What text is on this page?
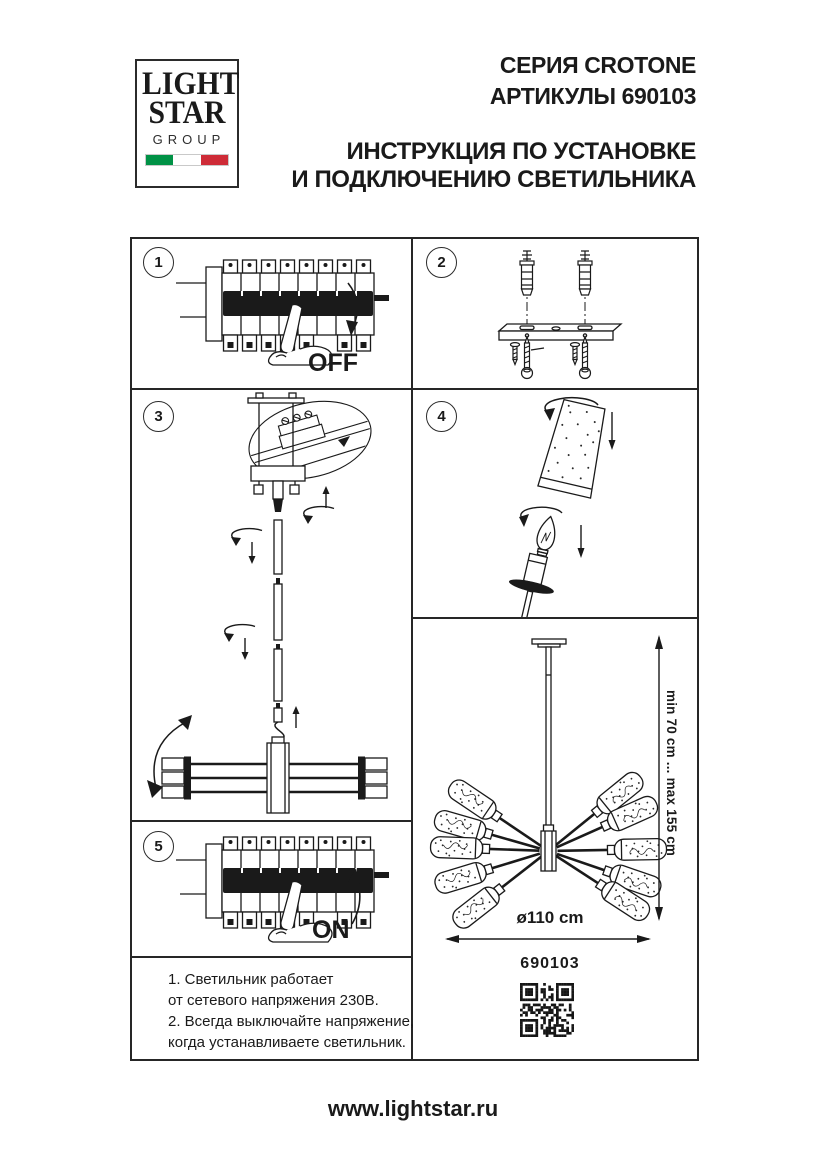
LIGHT
STAR
GROUP
СЕРИЯ CROTONE
АРТИКУЛЫ 690103
ИНСТРУКЦИЯ ПО УСТАНОВКЕ
И ПОДКЛЮЧЕНИЮ СВЕТИЛЬНИКА
1	2
3	4
5
OFF
ON
1. Светильник работает
от сетевого напряжения 230В.
2. Всегда выключайте напряжение,
когда устанавливаете светильник.
min 70 cm ... max 155 cm
ø110 cm
690103
www.lightstar.ru
